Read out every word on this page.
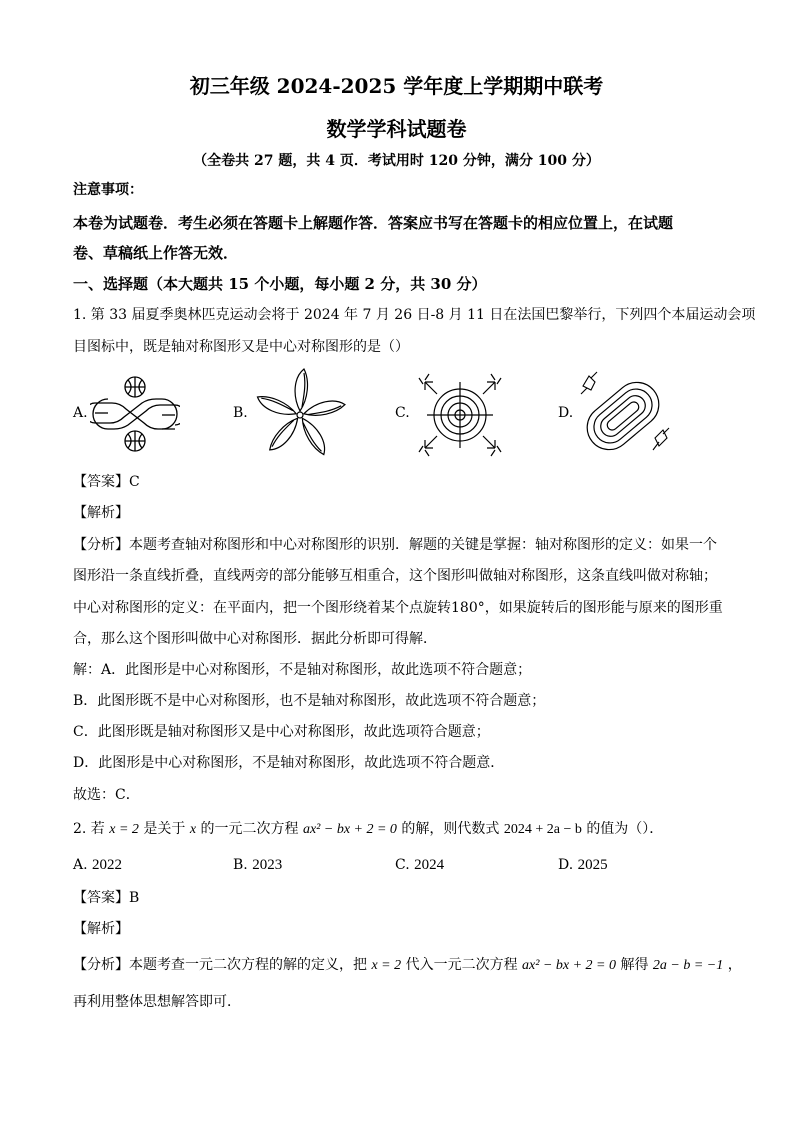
初三年级 2024-2025 学年度上学期期中联考
数学学科试题卷
（全卷共 27 题，共 4 页．考试用时 120 分钟，满分 100 分）
注意事项：
本卷为试题卷．考生必须在答题卡上解题作答．答案应书写在答题卡的相应位置上，在试题
卷、草稿纸上作答无效．
一、选择题（本大题共 15 个小题，每小题 2 分，共 30 分）
1. 第 33 届夏季奥林匹克运动会将于 2024 年 7 月 26 日-8 月 11 日在法国巴黎举行，下列四个本届运动会项
目图标中，既是轴对称图形又是中心对称图形的是（）
A.	B.	C.	D.
【答案】C
【解析】
【分析】本题考查轴对称图形和中心对称图形的识别．解题的关键是掌握：轴对称图形的定义：如果一个
图形沿一条直线折叠，直线两旁的部分能够互相重合，这个图形叫做轴对称图形，这条直线叫做对称轴；
中心对称图形的定义：在平面内，把一个图形绕着某个点旋转180°，如果旋转后的图形能与原来的图形重
合，那么这个图形叫做中心对称图形．据此分析即可得解．
解：A．此图形是中心对称图形，不是轴对称图形，故此选项不符合题意；
B．此图形既不是中心对称图形，也不是轴对称图形，故此选项不符合题意；
C．此图形既是轴对称图形又是中心对称图形，故此选项符合题意；
D．此图形是中心对称图形，不是轴对称图形，故此选项不符合题意．
故选：C．
2. 若 x = 2 是关于 x 的一元二次方程 ax² − bx + 2 = 0 的解，则代数式 2024 + 2a − b 的值为（）．
A. 2022	B. 2023	C. 2024	D. 2025
【答案】B
【解析】
【分析】本题考查一元二次方程的解的定义，把 x = 2 代入一元二次方程 ax² − bx + 2 = 0 解得 2a − b = −1 ，
再利用整体思想解答即可．
